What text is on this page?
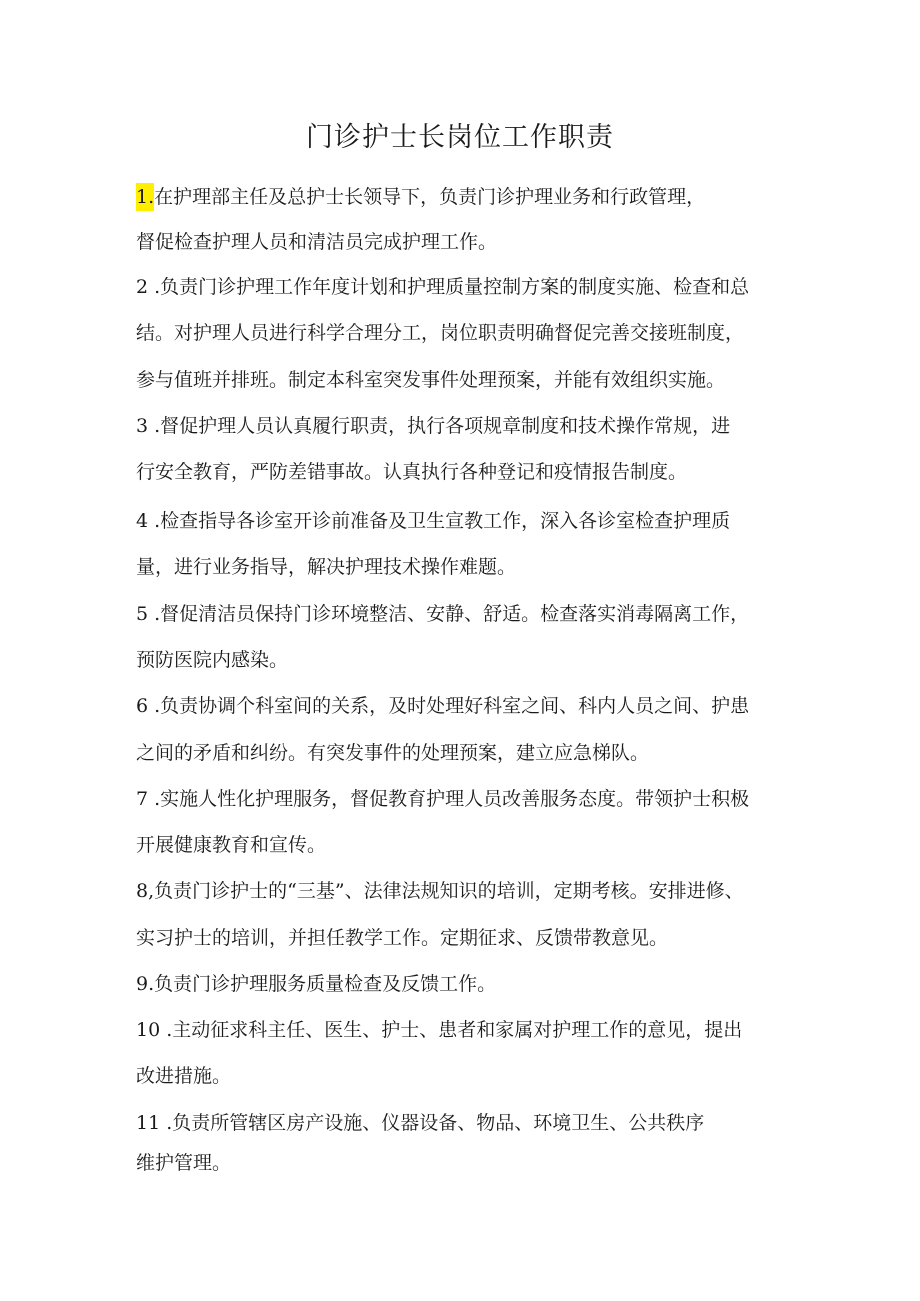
门诊护士长岗位工作职责

1.在护理部主任及总护士长领导下，负责门诊护理业务和行政管理，

督促检查护理人员和清洁员完成护理工作。

2 .负责门诊护理工作年度计划和护理质量控制方案的制度实施、检查和总

结。对护理人员进行科学合理分工，岗位职责明确督促完善交接班制度，

参与值班并排班。制定本科室突发事件处理预案，并能有效组织实施。

3 .督促护理人员认真履行职责，执行各项规章制度和技术操作常规，进

行安全教育，严防差错事故。认真执行各种登记和疫情报告制度。

4 .检查指导各诊室开诊前准备及卫生宣教工作，深入各诊室检查护理质

量，进行业务指导，解决护理技术操作难题。

5 .督促清洁员保持门诊环境整洁、安静、舒适。检查落实消毒隔离工作，

预防医院内感染。

6 .负责协调个科室间的关系，及时处理好科室之间、科内人员之间、护患

之间的矛盾和纠纷。有突发事件的处理预案，建立应急梯队。

7 .实施人性化护理服务，督促教育护理人员改善服务态度。带领护士积极

开展健康教育和宣传。

8,负责门诊护士的“三基”、法律法规知识的培训，定期考核。安排进修、

实习护士的培训，并担任教学工作。定期征求、反馈带教意见。

9.负责门诊护理服务质量检查及反馈工作。

10 .主动征求科主任、医生、护士、患者和家属对护理工作的意见，提出

改进措施。

11 .负责所管辖区房产设施、仪器设备、物品、环境卫生、公共秩序

维护管理。
